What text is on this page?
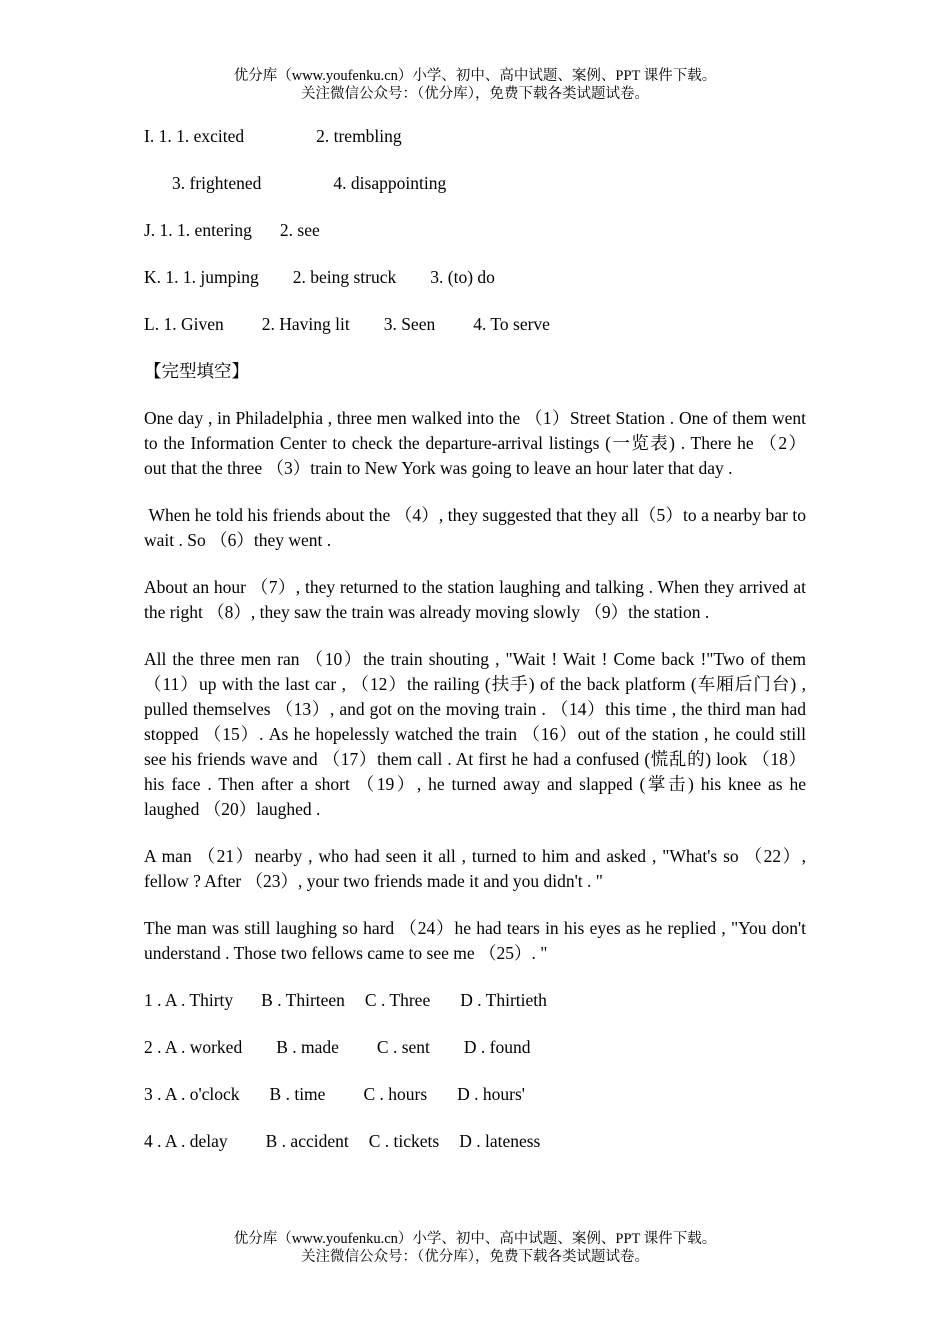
优分库（www.youfenku.cn）小学、初中、高中试题、案例、PPT 课件下载。
关注微信公众号：（优分库），免费下载各类试题试卷。
I. 1. 1. excited	2. trembling
3. frightened	4. disappointing
J. 1. 1. entering 2. see
K. 1. 1. jumping 2. being struck 3. (to) do
L. 1. Given 2. Having lit 3. Seen 4. To serve
【完型填空】
One day , in Philadelphia , three men walked into the （1）Street Station . One of them went to the Information Center to check the departure-arrival listings (一览表) . There he （2） out that the three （3）train to New York was going to leave an hour later that day .
When he told his friends about the （4）, they suggested that they all（5）to a nearby bar to wait . So （6）they went .
About an hour （7）, they returned to the station laughing and talking . When they arrived at the right （8）, they saw the train was already moving slowly （9）the station .
All the three men ran （10）the train shouting , "Wait ! Wait ! Come back !"Two of them （11）up with the last car , （12）the railing (扶手) of the back platform (车厢后门台) , pulled themselves （13）, and got on the moving train . （14）this time , the third man had stopped （15）. As he hopelessly watched the train （16）out of the station , he could still see his friends wave and （17）them call . At first he had a confused (慌乱的) look （18）his face . Then after a short （19）, he turned away and slapped (掌击) his knee as he laughed （20）laughed .
A man （21）nearby , who had seen it all , turned to him and asked , "What's so （22）, fellow ? After （23）, your two friends made it and you didn't . "
The man was still laughing so hard （24）he had tears in his eyes as he replied , "You don't understand . Those two fellows came to see me （25）. "
1 . A . Thirty B . Thirteen C . Three D . Thirtieth
2 . A . worked B . made C . sent D . found
3 . A . o'clock B . time C . hours D . hours'
4 . A . delay B . accident C . tickets D . lateness
优分库（www.youfenku.cn）小学、初中、高中试题、案例、PPT 课件下载。
关注微信公众号：（优分库），免费下载各类试题试卷。
